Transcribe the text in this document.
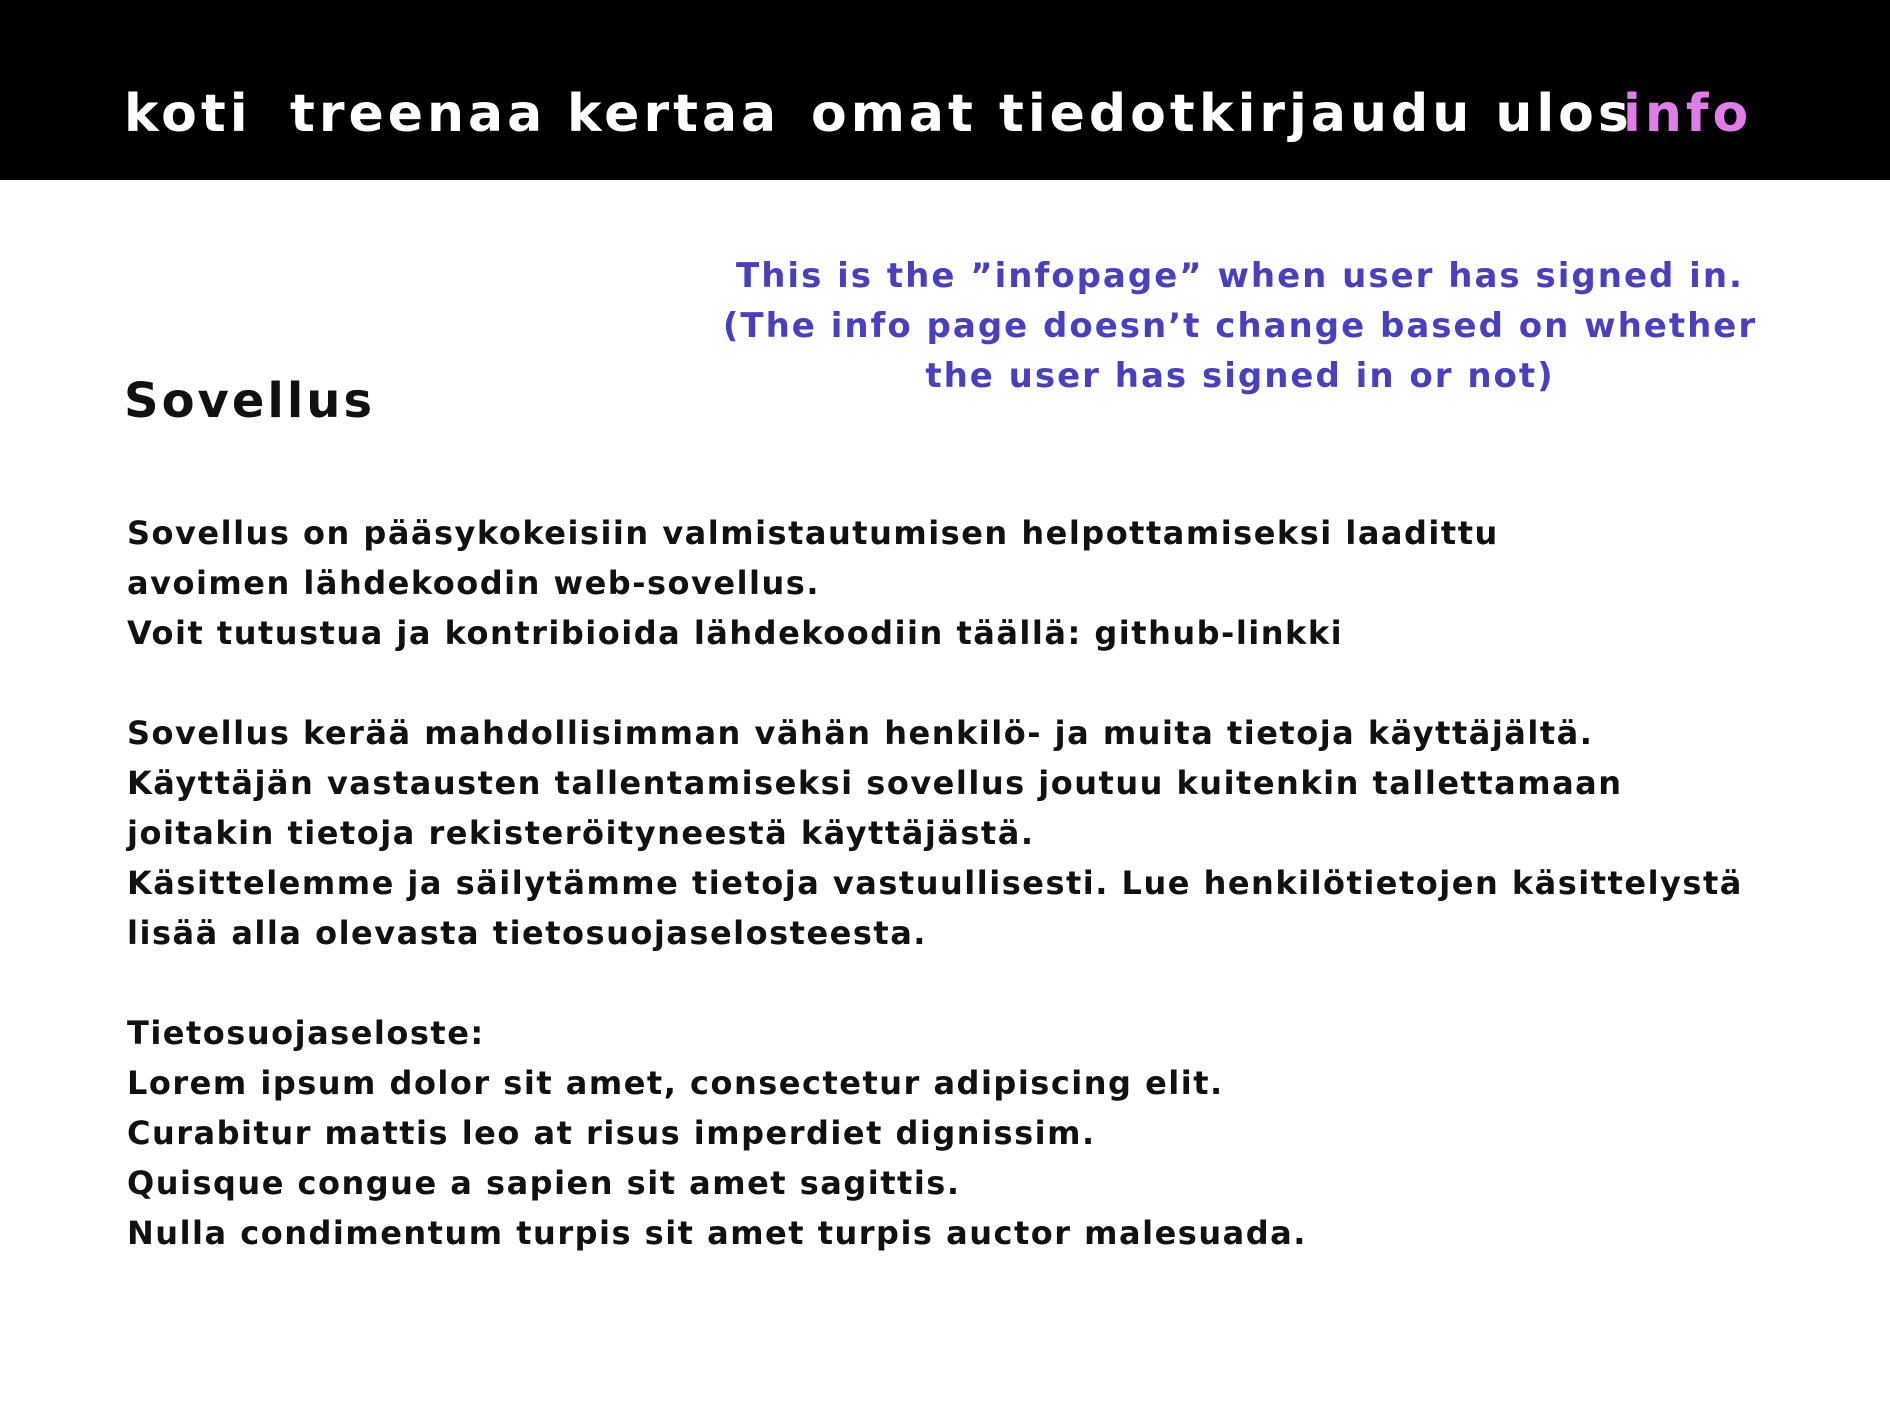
koti treenaa kertaa omat tiedot kirjaudu ulos
info
This is the ”infopage” when user has signed in.
(The info page doesn’t change based on whether
the user has signed in or not)
Sovellus
Sovellus on pääsykokeisiin valmistautumisen helpottamiseksi laadittu
avoimen lähdekoodin web-sovellus.
Voit tutustua ja kontribioida lähdekoodiin täällä: github-linkki
Sovellus kerää mahdollisimman vähän henkilö- ja muita tietoja käyttäjältä.
Käyttäjän vastausten tallentamiseksi sovellus joutuu kuitenkin tallettamaan
joitakin tietoja rekisteröityneestä käyttäjästä.
Käsittelemme ja säilytämme tietoja vastuullisesti. Lue henkilötietojen käsittelystä
lisää alla olevasta tietosuojaselosteesta.
Tietosuojaseloste:
Lorem ipsum dolor sit amet, consectetur adipiscing elit.
Curabitur mattis leo at risus imperdiet dignissim.
Quisque congue a sapien sit amet sagittis.
Nulla condimentum turpis sit amet turpis auctor malesuada.
